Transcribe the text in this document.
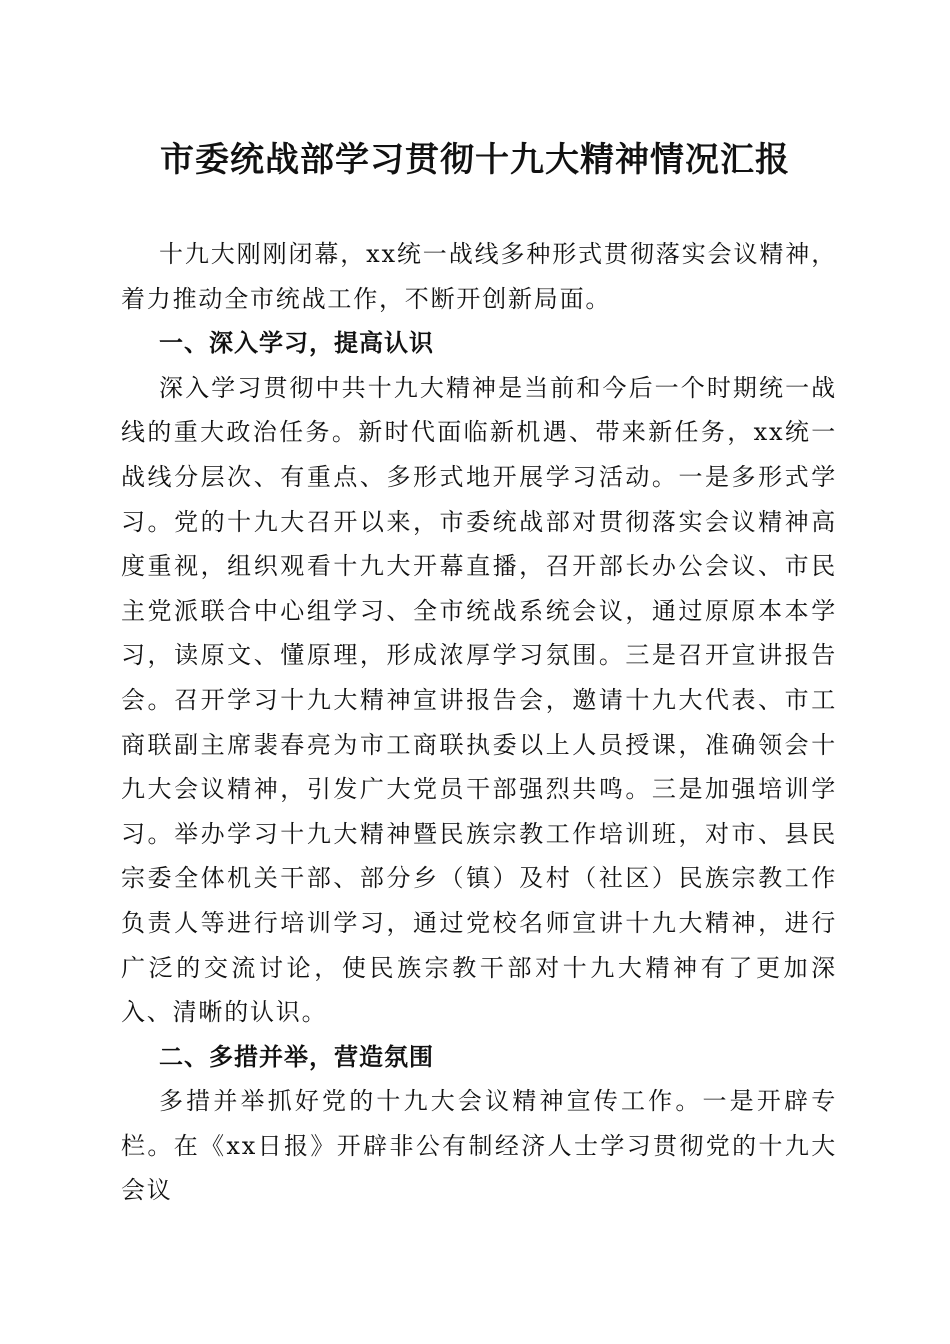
市委统战部学习贯彻十九大精神情况汇报

十九大刚刚闭幕，xx统一战线多种形式贯彻落实会议精神，着力推动全市统战工作，不断开创新局面。

一、深入学习，提高认识

深入学习贯彻中共十九大精神是当前和今后一个时期统一战线的重大政治任务。新时代面临新机遇、带来新任务，xx统一战线分层次、有重点、多形式地开展学习活动。一是多形式学习。党的十九大召开以来，市委统战部对贯彻落实会议精神高度重视，组织观看十九大开幕直播，召开部长办公会议、市民主党派联合中心组学习、全市统战系统会议，通过原原本本学习，读原文、懂原理，形成浓厚学习氛围。三是召开宣讲报告会。召开学习十九大精神宣讲报告会，邀请十九大代表、市工商联副主席裴春亮为市工商联执委以上人员授课，准确领会十九大会议精神，引发广大党员干部强烈共鸣。三是加强培训学习。举办学习十九大精神暨民族宗教工作培训班，对市、县民宗委全体机关干部、部分乡（镇）及村（社区）民族宗教工作负责人等进行培训学习，通过党校名师宣讲十九大精神，进行广泛的交流讨论，使民族宗教干部对十九大精神有了更加深入、清晰的认识。

二、多措并举，营造氛围

多措并举抓好党的十九大会议精神宣传工作。一是开辟专栏。在《xx日报》开辟非公有制经济人士学习贯彻党的十九大会议
